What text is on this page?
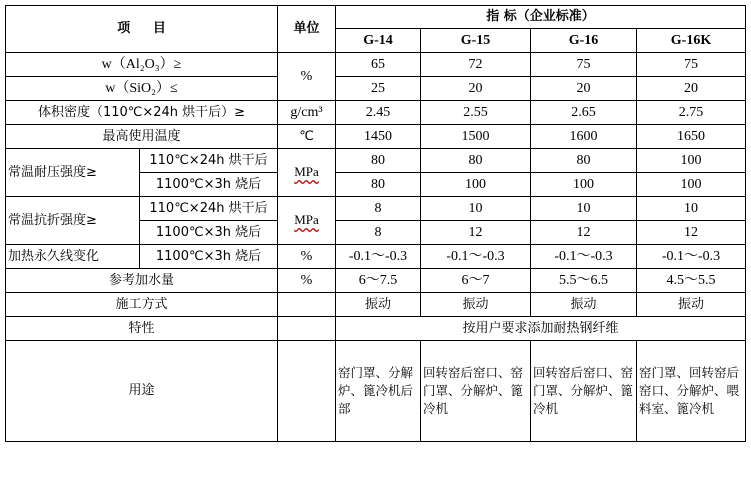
项     目		单位	指 标（企业标准）			
			G-14	G-15	G-16	G-16K
w（Al₂O₃）≥		%	65	72	75	75
w（SiO₂）≤			25	20	20	20
体积密度（110℃×24h 烘干后）≥		g/cm³	2.45	2.55	2.65	2.75
最高使用温度		℃	1450	1500	1600	1650
常温耐压强度≥	110℃×24h 烘干后	MPa	80	80	80	100
	1100℃×3h 烧后		80	100	100	100
常温抗折强度≥	110℃×24h 烘干后	MPa	8	10	10	10
	1100℃×3h 烧后		8	12	12	12
加热永久线变化	1100℃×3h 烧后	%	-0.1～-0.3	-0.1～-0.3	-0.1～-0.3	-0.1～-0.3
参考加水量		%	6～7.5	6～7	5.5～6.5	4.5～5.5
施工方式			振动	振动	振动	振动
特性			按用户要求添加耐热钢纤维			
用途			窑门罩、分解炉、篦冷机后部	回转窑后窑口、窑门罩、分解炉、篦冷机	回转窑后窑口、窑门罩、分解炉、篦冷机	窑门罩、回转窑后窑口、分解炉、喂料室、篦冷机
